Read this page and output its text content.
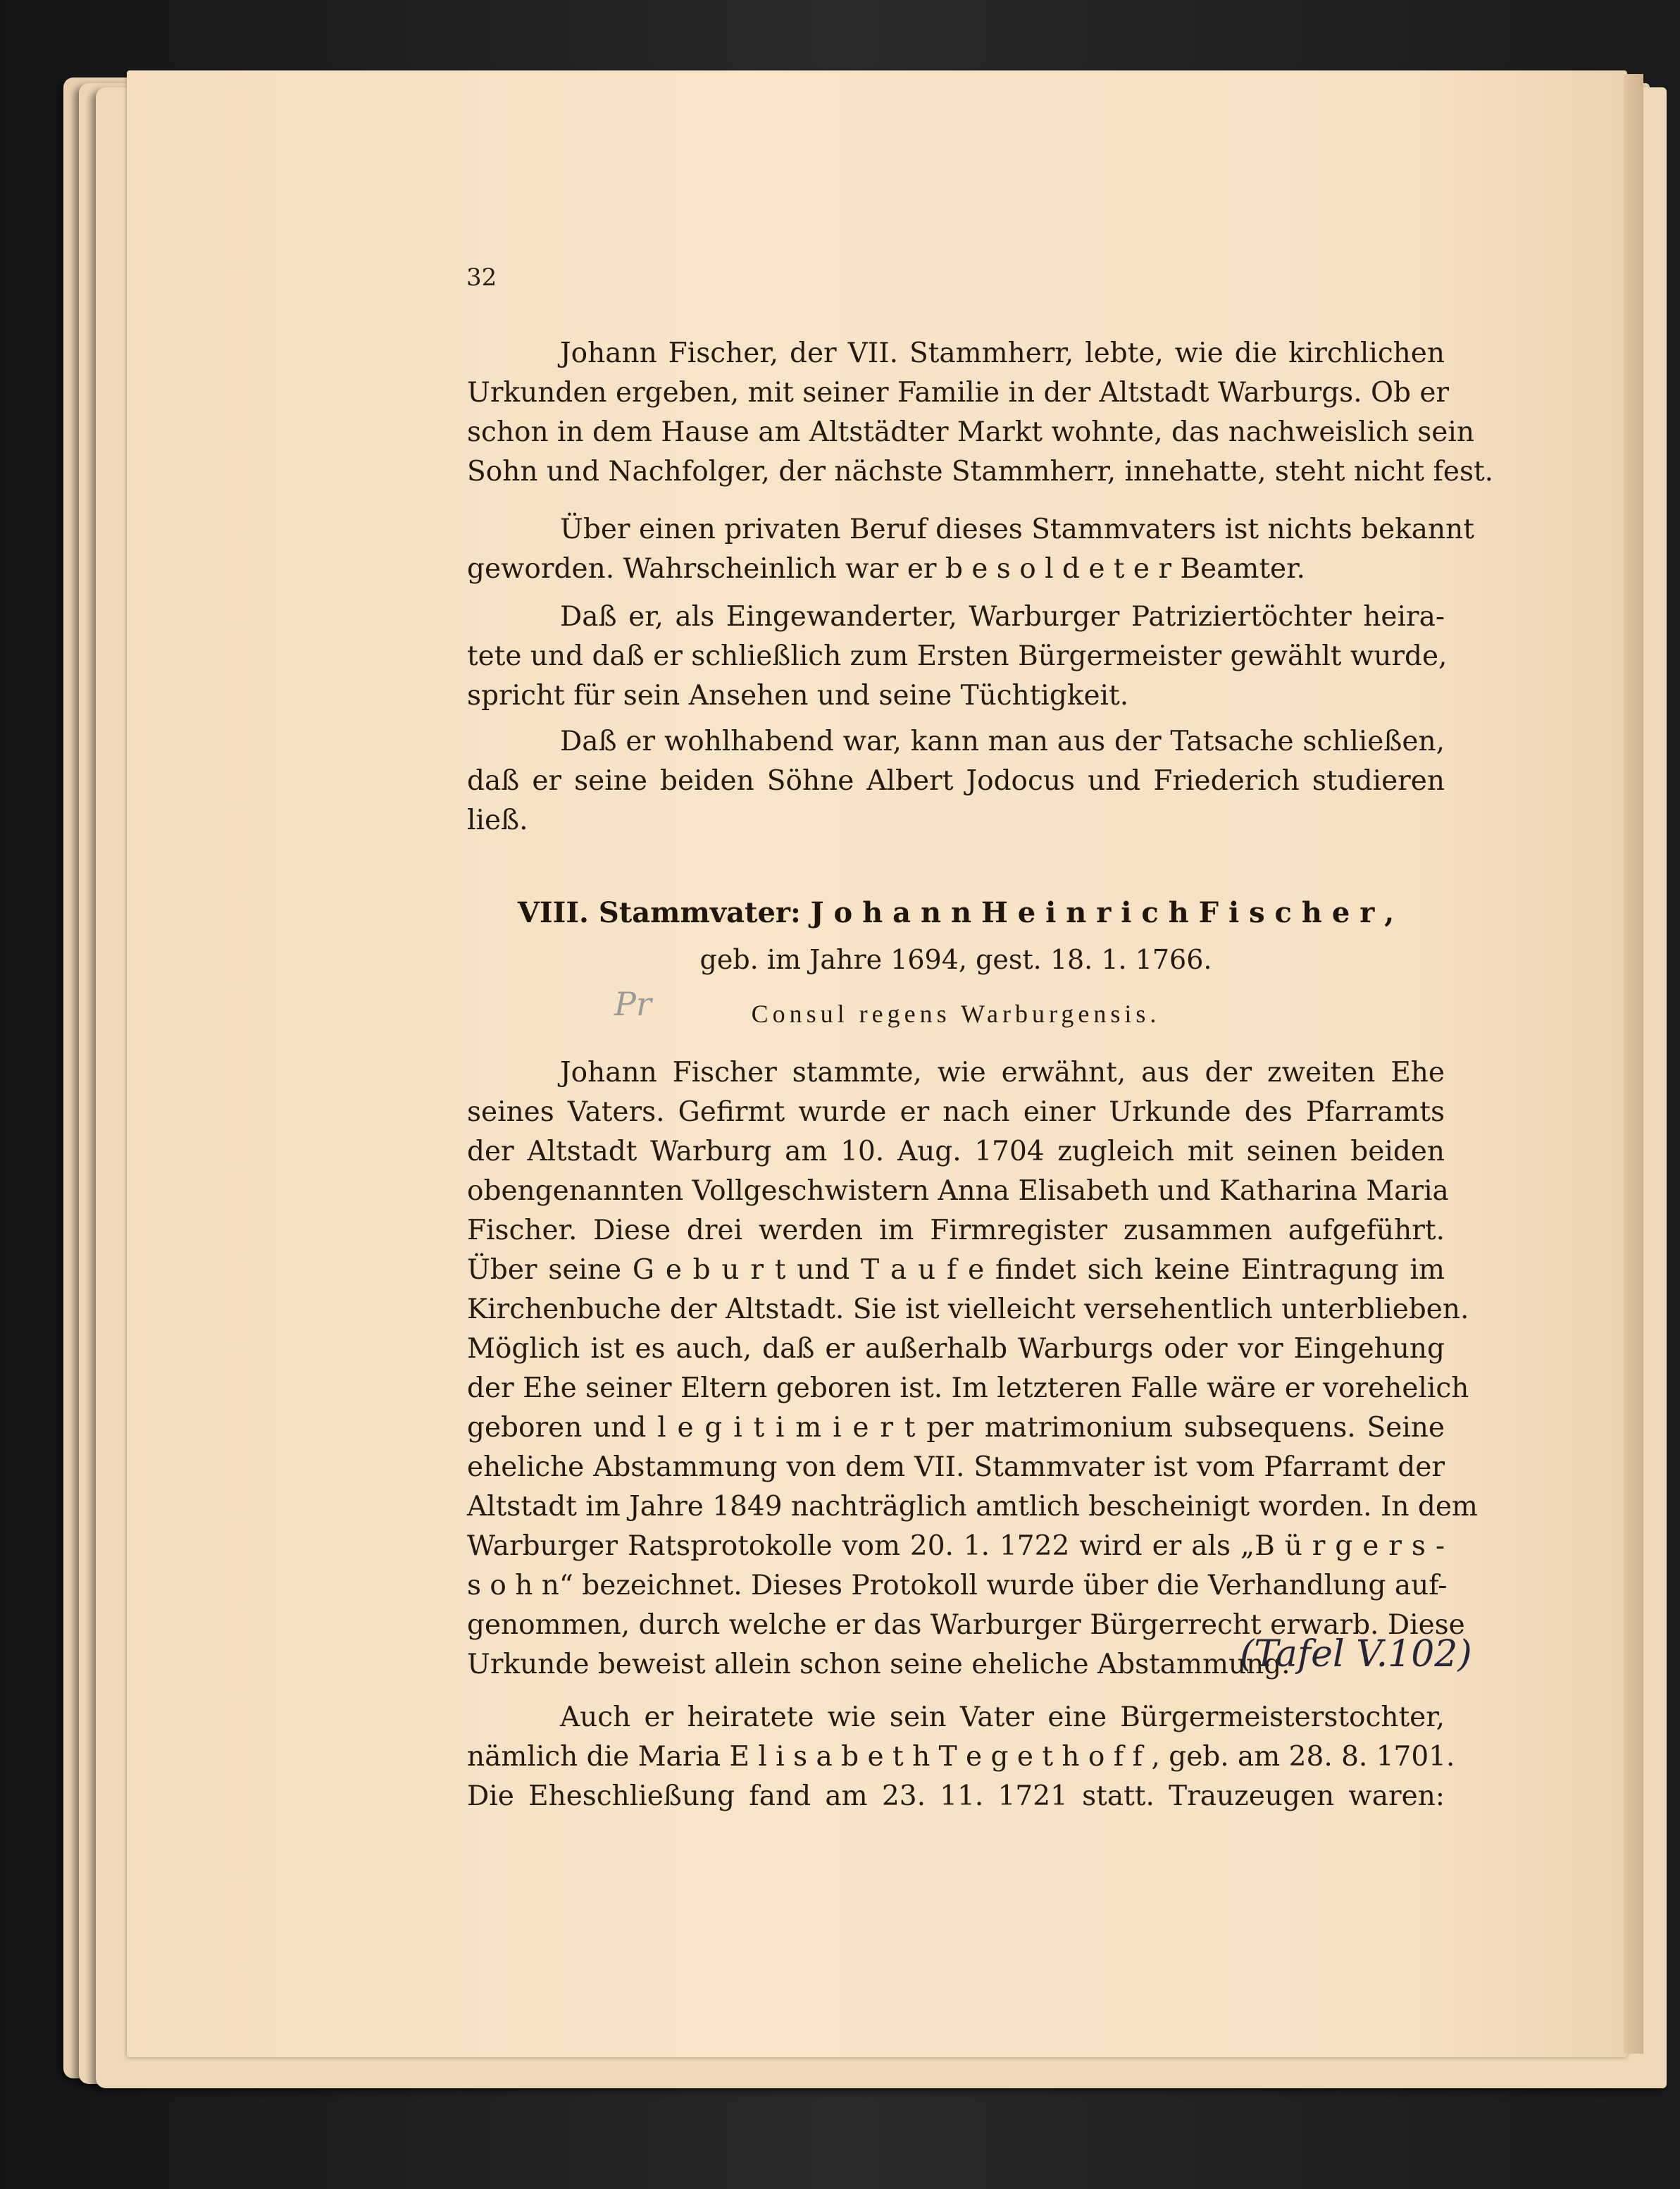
32
Johann Fischer, der VII. Stammherr, lebte, wie die kirchlichen
Urkunden ergeben, mit seiner Familie in der Altstadt Warburgs. Ob er
schon in dem Hause am Altstädter Markt wohnte, das nachweislich sein
Sohn und Nachfolger, der nächste Stammherr, innehatte, steht nicht fest.
Über einen privaten Beruf dieses Stammvaters ist nichts bekannt
geworden. Wahrscheinlich war er b e s o l d e t e r Beamter.
Daß er, als Eingewanderter, Warburger Patriziertöchter heira-
tete und daß er schließlich zum Ersten Bürgermeister gewählt wurde,
spricht für sein Ansehen und seine Tüchtigkeit.
Daß er wohlhabend war, kann man aus der Tatsache schließen,
daß er seine beiden Söhne Albert Jodocus und Friederich studieren
ließ.
VIII. Stammvater: J o h a n n H e i n r i c h F i s c h e r ,
geb. im Jahre 1694, gest. 18. 1. 1766.
Consul regens Warburgensis.
Johann Fischer stammte, wie erwähnt, aus der zweiten Ehe
seines Vaters. Gefirmt wurde er nach einer Urkunde des Pfarramts
der Altstadt Warburg am 10. Aug. 1704 zugleich mit seinen beiden
obengenannten Vollgeschwistern Anna Elisabeth und Katharina Maria
Fischer. Diese drei werden im Firmregister zusammen aufgeführt.
Über seine G e b u r t und T a u f e findet sich keine Eintragung im
Kirchenbuche der Altstadt. Sie ist vielleicht versehentlich unterblieben.
Möglich ist es auch, daß er außerhalb Warburgs oder vor Eingehung
der Ehe seiner Eltern geboren ist. Im letzteren Falle wäre er vorehelich
geboren und l e g i t i m i e r t per matrimonium subsequens. Seine
eheliche Abstammung von dem VII. Stammvater ist vom Pfarramt der
Altstadt im Jahre 1849 nachträglich amtlich bescheinigt worden. In dem
Warburger Ratsprotokolle vom 20. 1. 1722 wird er als „B ü r g e r s -
s o h n“ bezeichnet. Dieses Protokoll wurde über die Verhandlung auf-
genommen, durch welche er das Warburger Bürgerrecht erwarb. Diese
Urkunde beweist allein schon seine eheliche Abstammung.
Auch er heiratete wie sein Vater eine Bürgermeisterstochter,
nämlich die Maria E l i s a b e t h T e g e t h o f f , geb. am 28. 8. 1701.
Die Eheschließung fand am 23. 11. 1721 statt. Trauzeugen waren:
Pr
(Tafel V.102)
